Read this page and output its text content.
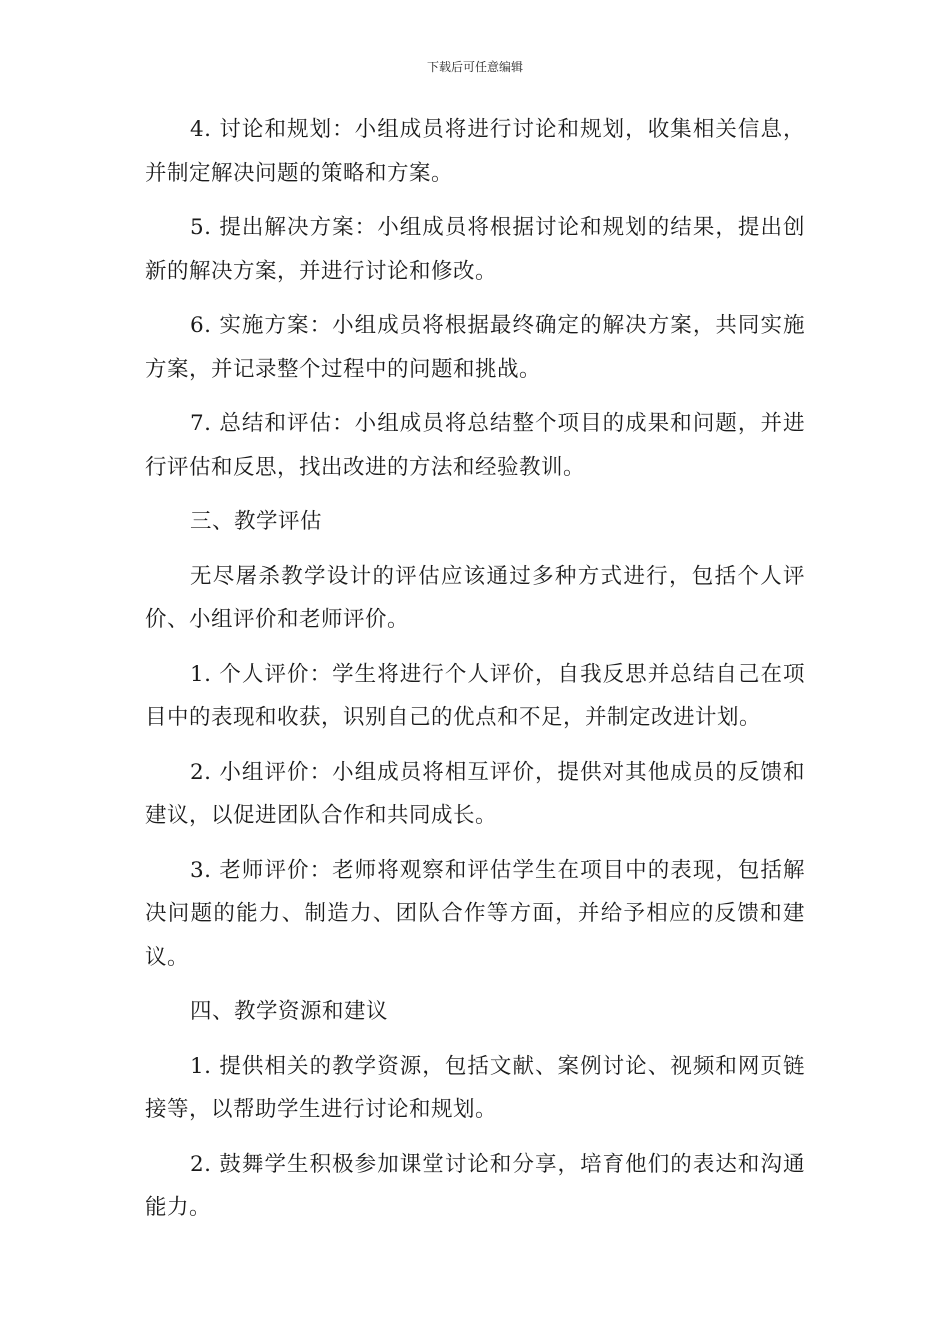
下载后可任意编辑

4. 讨论和规划：小组成员将进行讨论和规划，收集相关信息，并制定解决问题的策略和方案。

5. 提出解决方案：小组成员将根据讨论和规划的结果，提出创新的解决方案，并进行讨论和修改。

6. 实施方案：小组成员将根据最终确定的解决方案，共同实施方案，并记录整个过程中的问题和挑战。

7. 总结和评估：小组成员将总结整个项目的成果和问题，并进行评估和反思，找出改进的方法和经验教训。

三、教学评估

无尽屠杀教学设计的评估应该通过多种方式进行，包括个人评价、小组评价和老师评价。

1. 个人评价：学生将进行个人评价，自我反思并总结自己在项目中的表现和收获，识别自己的优点和不足，并制定改进计划。

2. 小组评价：小组成员将相互评价，提供对其他成员的反馈和建议，以促进团队合作和共同成长。

3. 老师评价：老师将观察和评估学生在项目中的表现，包括解决问题的能力、制造力、团队合作等方面，并给予相应的反馈和建议。

四、教学资源和建议

1. 提供相关的教学资源，包括文献、案例讨论、视频和网页链接等，以帮助学生进行讨论和规划。

2. 鼓舞学生积极参加课堂讨论和分享，培育他们的表达和沟通能力。
